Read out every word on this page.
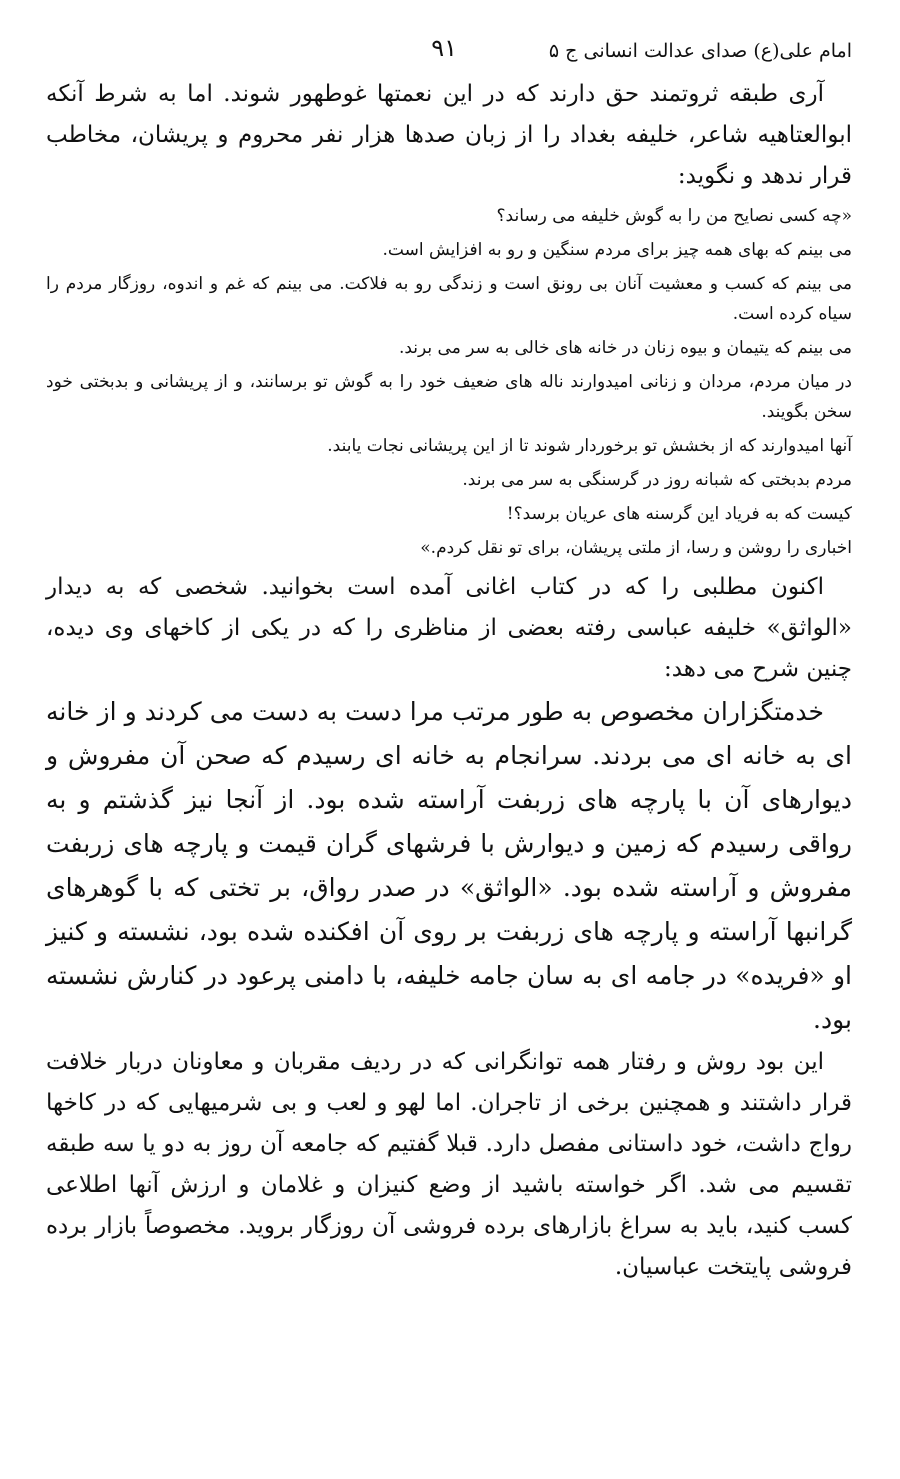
امام علی(ع) صدای عدالت انسانی ج ۵
۹۱

آری طبقه ثروتمند حق دارند که در این نعمتها غوطهور شوند. اما به شرط آنکه ابوالعتاهیه شاعر، خلیفه بغداد را از زبان صدها هزار نفر محروم و پریشان، مخاطب قرار ندهد و نگوید:

«چه کسی نصایح من را به گوش خلیفه می رساند؟

می بینم که بهای همه چیز برای مردم سنگین و رو به افزایش است.

می بینم که کسب و معشیت آنان بی رونق است و زندگی رو به فلاکت. می بینم که غم و اندوه، روزگار مردم را سیاه کرده است.

می بینم که یتیمان و بیوه زنان در خانه های خالی به سر می برند.

در میان مردم، مردان و زنانی امیدوارند ناله های ضعیف خود را به گوش تو برسانند، و از پریشانی و بدبختی خود سخن بگویند.

آنها امیدوارند که از بخشش تو برخوردار شوند تا از این پریشانی نجات یابند.

مردم بدبختی که شبانه روز در گرسنگی به سر می برند.

کیست که به فریاد این گرسنه های عریان برسد؟!

اخباری را روشن و رسا، از ملتی پریشان، برای تو نقل کردم.»

اکنون مطلبی را که در کتاب اغانی آمده است بخوانید. شخصی که به دیدار «الواثق» خلیفه عباسی رفته بعضی از مناظری را که در یکی از کاخهای وی دیده، چنین شرح می دهد:

خدمتگزاران مخصوص به طور مرتب مرا دست به دست می کردند و از خانه ای به خانه ای می بردند. سرانجام به خانه ای رسیدم که صحن آن مفروش و دیوارهای آن با پارچه های زربفت آراسته شده بود. از آنجا نیز گذشتم و به رواقی رسیدم که زمین و دیوارش با فرشهای گران قیمت و پارچه های زربفت مفروش و آراسته شده بود. «الواثق» در صدر رواق، بر تختی که با گوهرهای گرانبها آراسته و پارچه های زربفت بر روی آن افکنده شده بود، نشسته و کنیز او «فریده» در جامه ای به سان جامه خلیفه، با دامنی پرعود در کنارش نشسته بود.

این بود روش و رفتار همه توانگرانی که در ردیف مقربان و معاونان دربار خلافت قرار داشتند و همچنین برخی از تاجران. اما لهو و لعب و بی شرمیهایی که در کاخها رواج داشت، خود داستانی مفصل دارد. قبلا گفتیم که جامعه آن روز به دو یا سه طبقه تقسیم می شد. اگر خواسته باشید از وضع کنیزان و غلامان و ارزش آنها اطلاعی کسب کنید، باید به سراغ بازارهای برده فروشی آن روزگار بروید. مخصوصاً بازار برده فروشی پایتخت عباسیان.
